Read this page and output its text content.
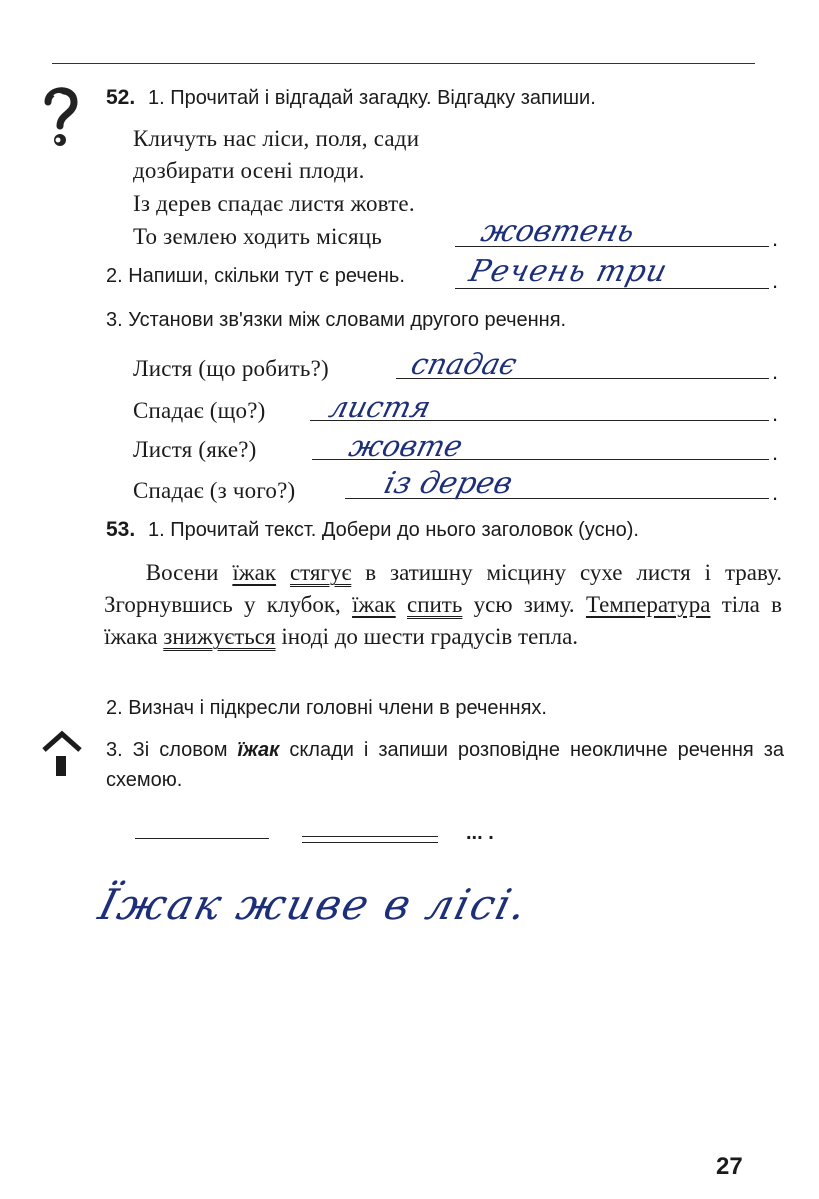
52. 1. Прочитай і відгадай загадку. Відгадку запиши.
Кличуть нас ліси, поля, сади
дозбирати осені плоди.
Із дерев спадає листя жовте.
То землею ходить місяць	жовтень	.
2. Напиши, скільки тут є речень. Речень три	.
3. Установи зв'язки між словами другого речення.
Листя (що робить?)	спадає	.
Спадає (що?) листя	.
Листя (яке?)	жовте	.
Спадає (з чого?)	із дерев	.
53. 1. Прочитай текст. Добери до нього заголовок (усно).

Восени їжак стягує в затишну місцину сухе листя і траву. Згорнувшись у клубок, їжак спить усю зиму. Температура тіла в їжака знижується іноді до шести градусів тепла.

2. Визнач і підкресли головні члени в реченнях.
3. Зі словом їжак склади і запиши розповідне неокличне речення за схемою.
... .
Їжак живе в лісі.
27
